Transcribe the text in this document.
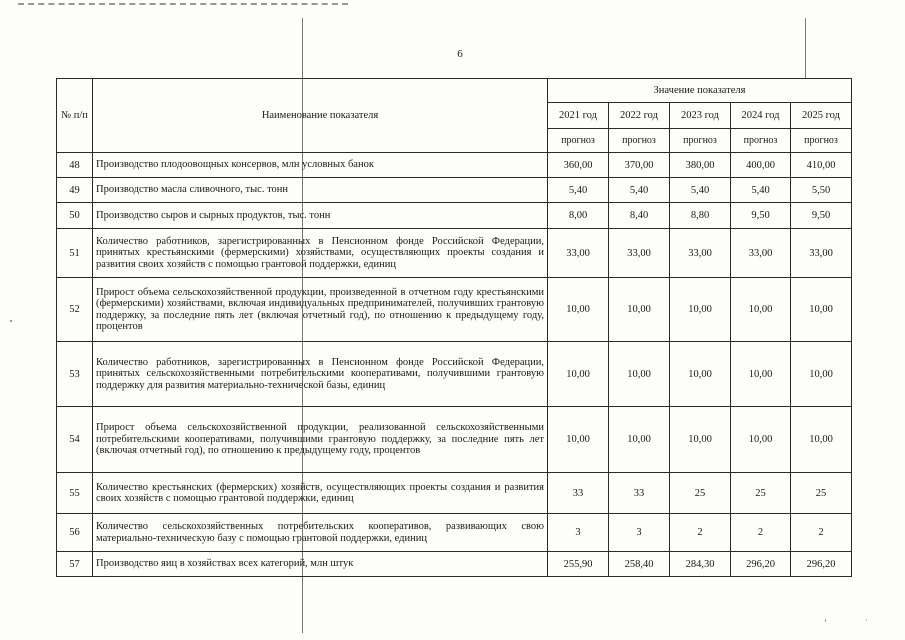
ʼ	ˈ
6
№ п/п	Наименование показателя	Значение показателя				
		2021 год	2022 год	2023 год	2024 год	2025 год
		прогноз	прогноз	прогноз	прогноз	прогноз
48	Производство плодоовощных консервов, млн условных банок	360,00	370,00	380,00	400,00	410,00
49	Производство масла сливочного, тыс. тонн	5,40	5,40	5,40	5,40	5,50
50	Производство сыров и сырных продуктов, тыс. тонн	8,00	8,40	8,80	9,50	9,50
51	Количество работников, зарегистрированных в Пенсионном фонде Российской Федерации, принятых крестьянскими (фермерскими) хозяйствами, осуществляющих проекты создания и развития своих хозяйств с помощью грантовой поддержки, единиц	33,00	33,00	33,00	33,00	33,00
52	Прирост объема сельскохозяйственной продукции, произведенной в отчетном году крестьянскими (фермерскими) хозяйствами, включая индивидуальных предпринимателей, получивших грантовую поддержку, за последние пять лет (включая отчетный год), по отношению к предыдущему году, процентов	10,00	10,00	10,00	10,00	10,00
53	Количество работников, зарегистрированных в Пенсионном фонде Российской Федерации, принятых сельскохозяйственными потребительскими кооперативами, получившими грантовую поддержку для развития материально-технической базы, единиц	10,00	10,00	10,00	10,00	10,00
54	Прирост объема сельскохозяйственной продукции, реализованной сельскохозяйственными потребительскими кооперативами, получившими грантовую поддержку, за последние пять лет (включая отчетный год), по отношению к предыдущему году, процентов	10,00	10,00	10,00	10,00	10,00
55	Количество крестьянских (фермерских) хозяйств, осуществляющих проекты создания и развития своих хозяйств с помощью грантовой поддержки, единиц	33	33	25	25	25
56	Количество сельскохозяйственных потребительских кооперативов, развивающих свою материально-техническую базу с помощью грантовой поддержки, единиц	3	3	2	2	2
57	Производство яиц в хозяйствах всех категорий, млн штук	255,90	258,40	284,30	296,20	296,20
